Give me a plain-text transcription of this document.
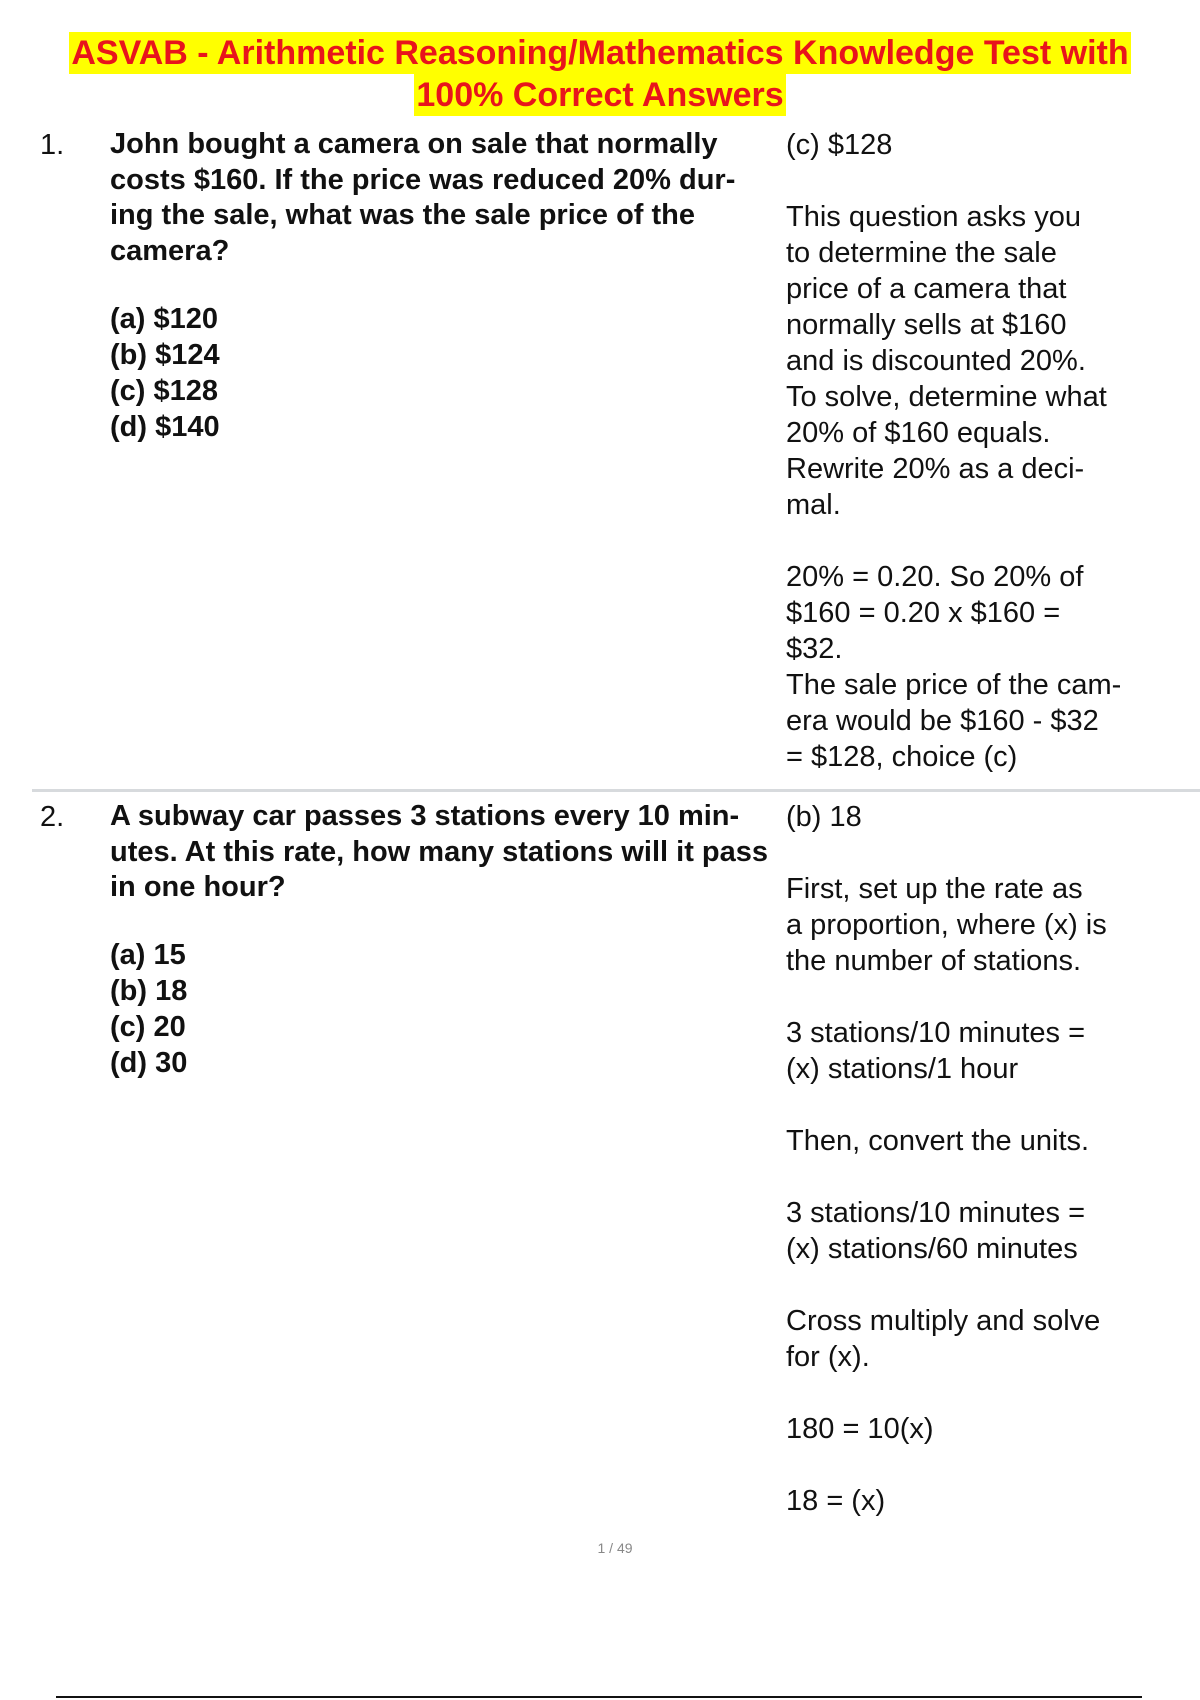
ASVAB - Arithmetic Reasoning/Mathematics Knowledge Test with
100% Correct Answers
1. John bought a camera on sale that normally
costs $160. If the price was reduced 20% dur-
ing the sale, what was the sale price of the
camera?
(a) $120
(b) $124
(c) $128
(d) $140
(c) $128
This question asks you
to determine the sale
price of a camera that
normally sells at $160
and is discounted 20%.
To solve, determine what
20% of $160 equals.
Rewrite 20% as a deci-
mal.
20% = 0.20. So 20% of
$160 = 0.20 x $160 =
$32.
The sale price of the cam-
era would be $160 - $32
= $128, choice (c)
2. A subway car passes 3 stations every 10 min-
utes. At this rate, how many stations will it pass
in one hour?
(a) 15
(b) 18
(c) 20
(d) 30
(b) 18
First, set up the rate as
a proportion, where (x) is
the number of stations.
3 stations/10 minutes =
(x) stations/1 hour
Then, convert the units.
3 stations/10 minutes =
(x) stations/60 minutes
Cross multiply and solve
for (x).
180 = 10(x)
18 = (x)
1 / 49
